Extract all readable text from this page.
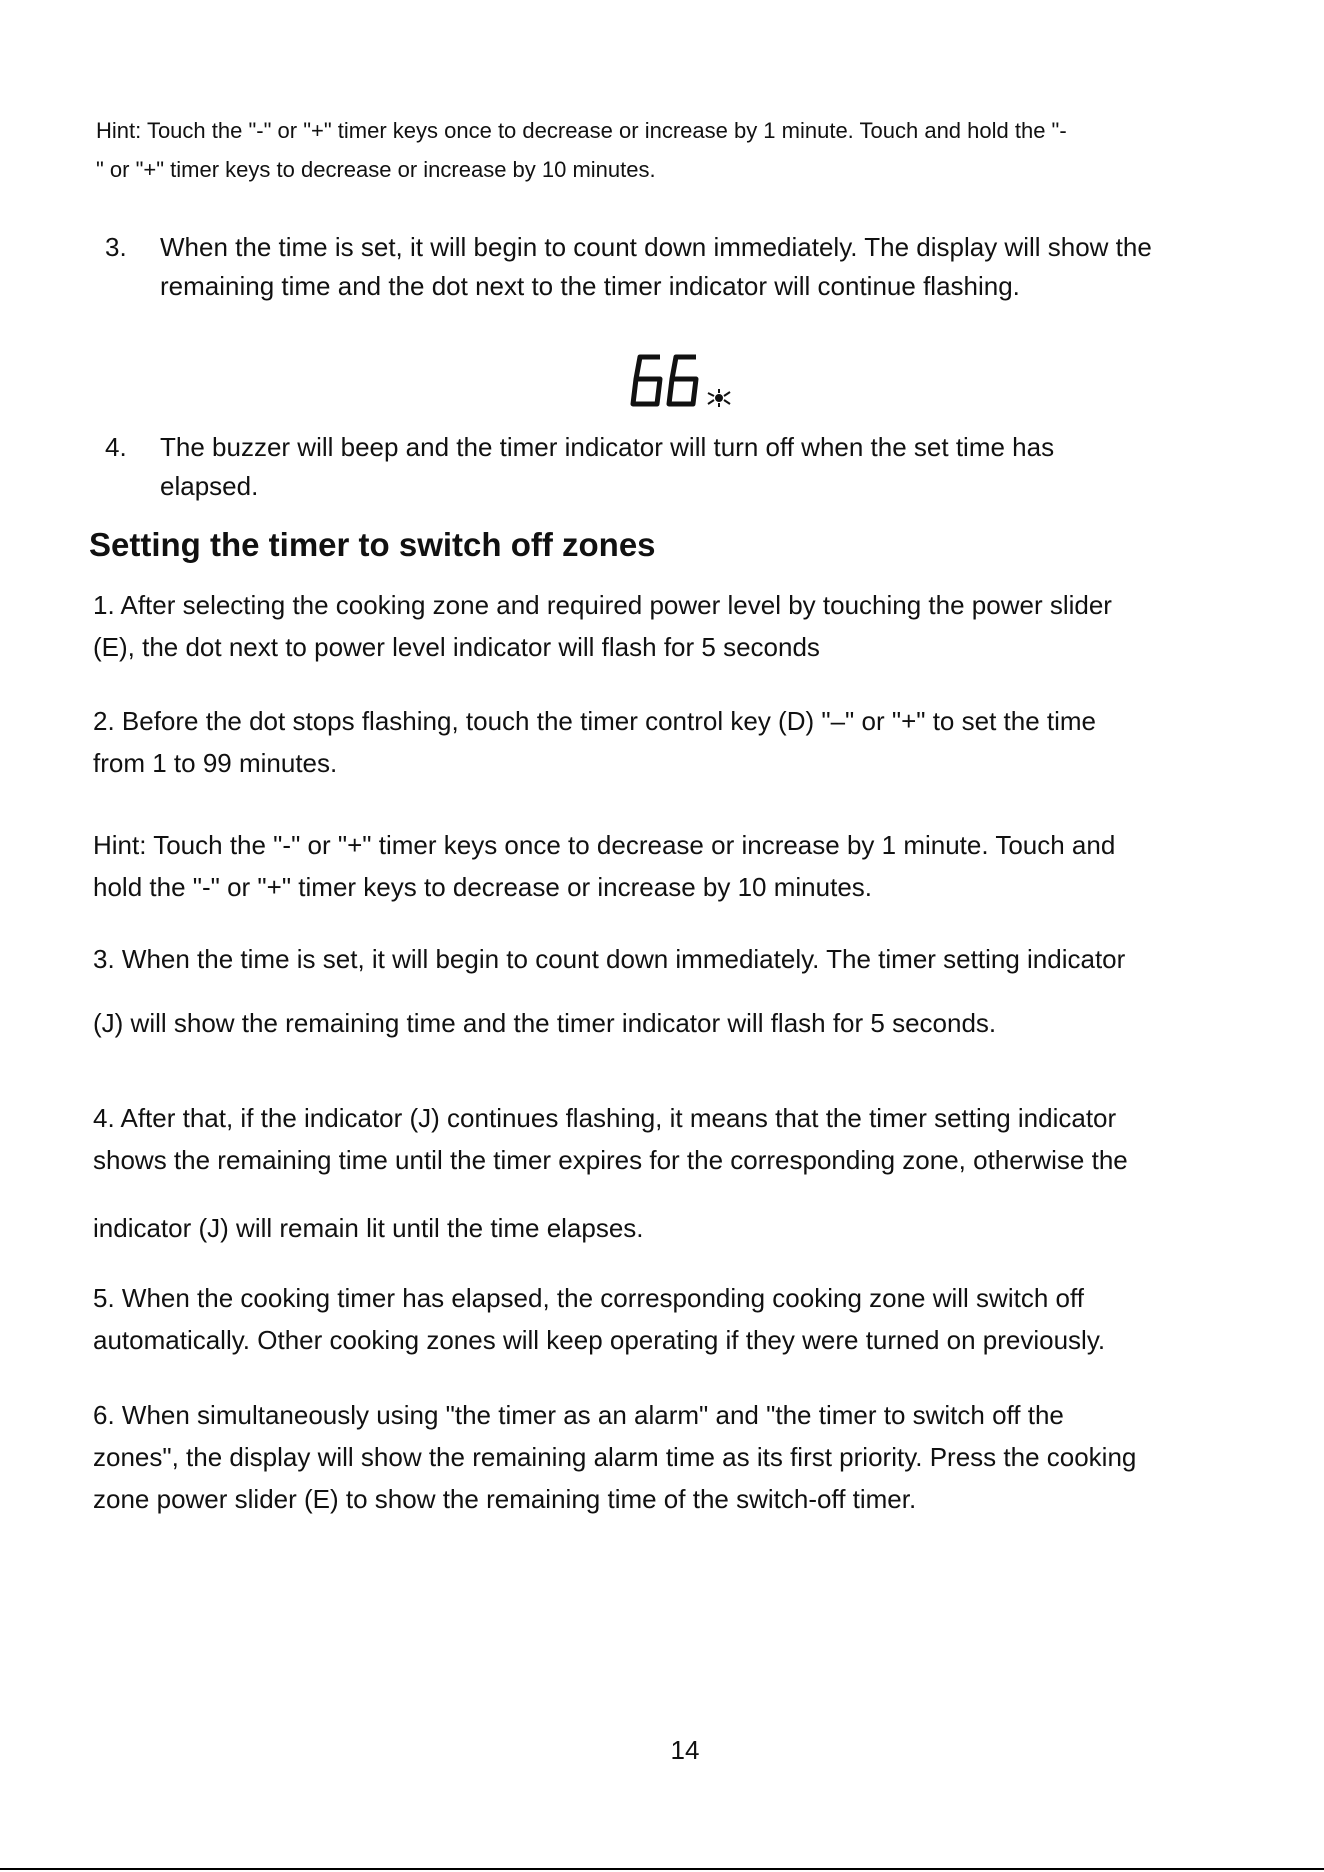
Hint: Touch the "-" or "+" timer keys once to decrease or increase by 1 minute. Touch and hold the "-
" or "+" timer keys to decrease or increase by 10 minutes.
3. When the time is set, it will begin to count down immediately. The display will show the
remaining time and the dot next to the timer indicator will continue flashing.
4. The buzzer will beep and the timer indicator will turn off when the set time has
elapsed.
Setting the timer to switch off zones
1. After selecting the cooking zone and required power level by touching the power slider
(E), the dot next to power level indicator will flash for 5 seconds
2. Before the dot stops flashing, touch the timer control key (D) "–" or "+" to set the time
from 1 to 99 minutes.
Hint: Touch the "-" or "+" timer keys once to decrease or increase by 1 minute. Touch and
hold the "-" or "+" timer keys to decrease or increase by 10 minutes.
3. When the time is set, it will begin to count down immediately. The timer setting indicator
(J) will show the remaining time and the timer indicator will flash for 5 seconds.
4. After that, if the indicator (J) continues flashing, it means that the timer setting indicator
shows the remaining time until the timer expires for the corresponding zone, otherwise the
indicator (J) will remain lit until the time elapses.
5. When the cooking timer has elapsed, the corresponding cooking zone will switch off
automatically. Other cooking zones will keep operating if they were turned on previously.
6. When simultaneously using "the timer as an alarm" and "the timer to switch off the
zones", the display will show the remaining alarm time as its first priority. Press the cooking
zone power slider (E) to show the remaining time of the switch-off timer.
14
